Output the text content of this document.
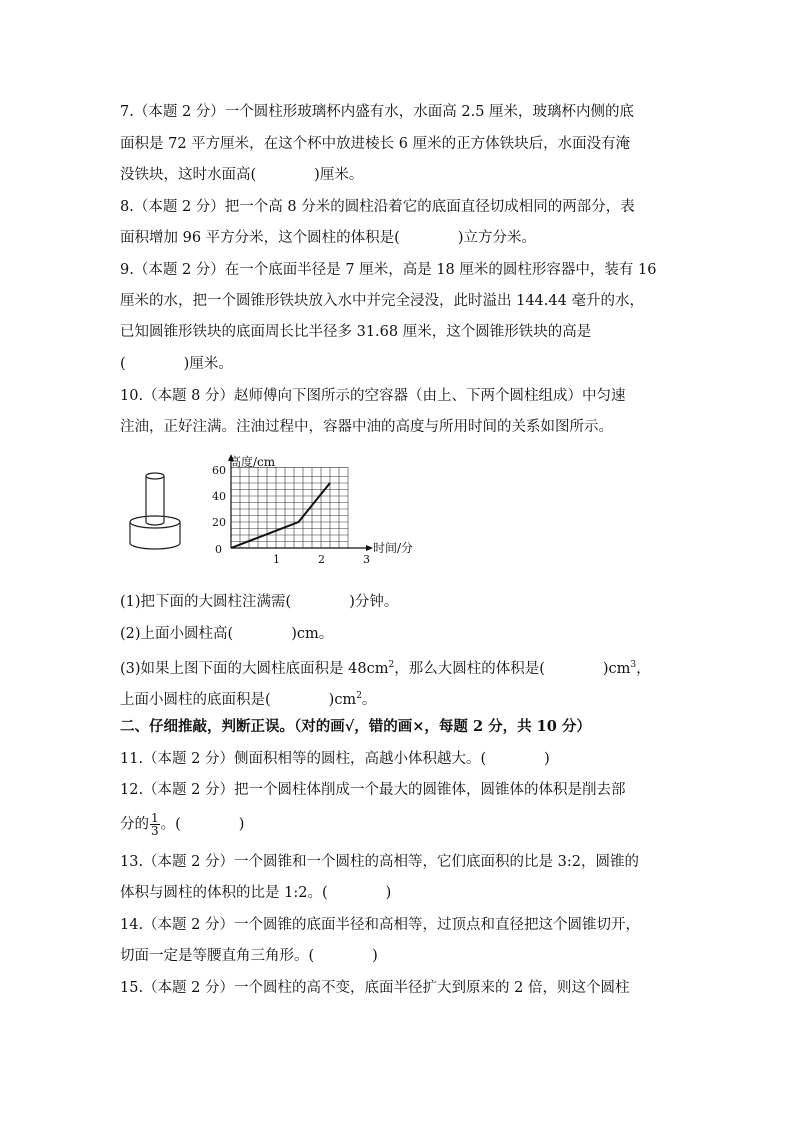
7.（本题 2 分）一个圆柱形玻璃杯内盛有水，水面高 2.5 厘米，玻璃杯内侧的底
面积是 72 平方厘米，在这个杯中放进棱长 6 厘米的正方体铁块后，水面没有淹
没铁块，这时水面高(　　　　)厘米。
8.（本题 2 分）把一个高 8 分米的圆柱沿着它的底面直径切成相同的两部分，表
面积增加 96 平方分米，这个圆柱的体积是(　　　　)立方分米。
9.（本题 2 分）在一个底面半径是 7 厘米，高是 18 厘米的圆柱形容器中，装有 16
厘米的水，把一个圆锥形铁块放入水中并完全浸没，此时溢出 144.44 毫升的水，
已知圆锥形铁块的底面周长比半径多 31.68 厘米，这个圆锥形铁块的高是
(　　　　)厘米。
10.（本题 8 分）赵师傅向下图所示的空容器（由上、下两个圆柱组成）中匀速
注油，正好注满。注油过程中，容器中油的高度与所用时间的关系如图所示。
1	2	3
20
40
60
0
高度/cm
时间/分
(1)把下面的大圆柱注满需(　　　　)分钟。
(2)上面小圆柱高(　　　　)cm。
(3)如果上图下面的大圆柱底面积是 $48cm^2$，那么大圆柱的体积是(　　　　)$cm^3$，
上面小圆柱的底面积是(　　　　)$cm^2$。
二、仔细推敲，判断正误。（对的画√，错的画×，每题 2 分，共 10 分）
11.（本题 2 分）侧面积相等的圆柱，高越小体积越大。(　　　　)
12.（本题 2 分）把一个圆柱体削成一个最大的圆锥体，圆锥体的体积是削去部
分的 $\frac{1}{3}$ 。(　　　　)
13.（本题 2 分）一个圆锥和一个圆柱的高相等，它们底面积的比是 3:2，圆锥的
体积与圆柱的体积的比是 1:2。(　　　　)
14.（本题 2 分）一个圆锥的底面半径和高相等，过顶点和直径把这个圆锥切开，
切面一定是等腰直角三角形。(　　　　)
15.（本题 2 分）一个圆柱的高不变，底面半径扩大到原来的 2 倍，则这个圆柱
